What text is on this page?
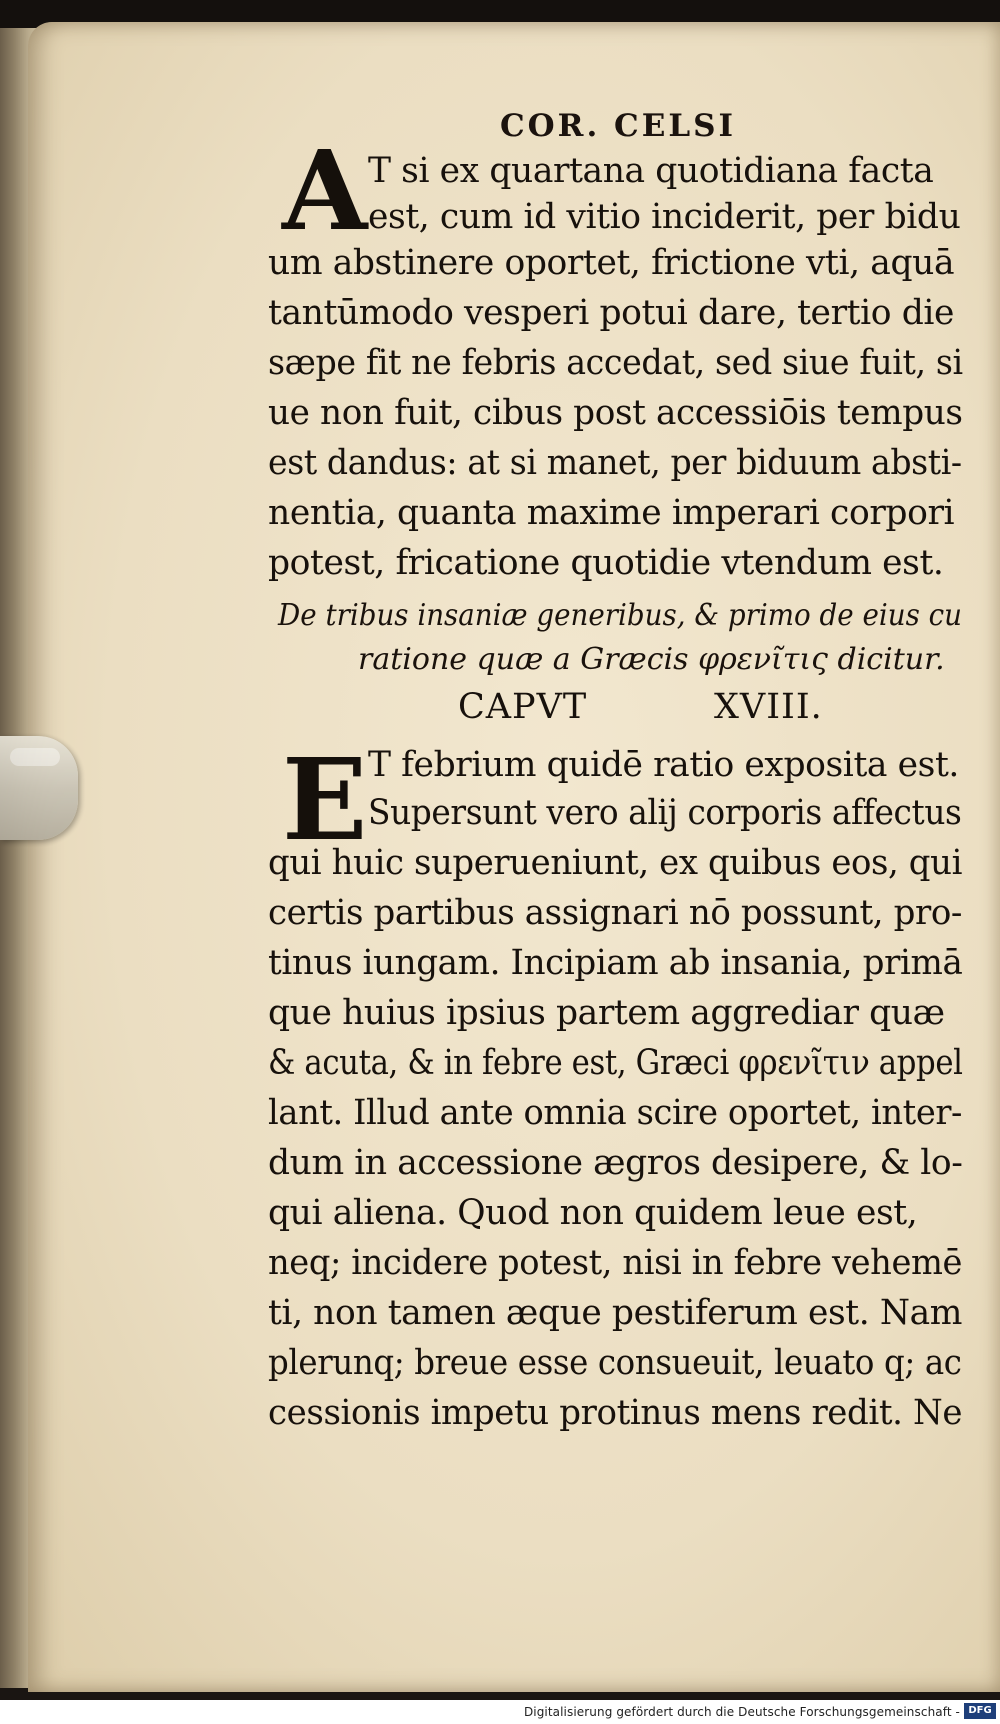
COR. CELSI
A T si ex quartana quotidiana facta
est, cum id vitio inciderit, per bidu
um abstinere oportet, frictione vti, aquā
tantūmodo vesperi potui dare, tertio die
sæpe fit ne febris accedat, sed siue fuit, si
ue non fuit, cibus post accessiōis tempus
est dandus: at si manet, per biduum absti-
nentia, quanta maxime imperari corpori
potest, fricatione quotidie vtendum est.
De tribus insaniæ generibus, & primo de eius cu
ratione quæ a Græcis φρενῖτις dicitur.
CAPVT	XVIII.
E T febrium quidē ratio exposita est.
Supersunt vero alij corporis affectus
qui huic superueniunt, ex quibus eos, qui
certis partibus assignari nō possunt, pro-
tinus iungam. Incipiam ab insania, primā
que huius ipsius partem aggrediar quæ
& acuta, & in febre est, Græci φρενῖτιν appel
lant. Illud ante omnia scire oportet, inter-
dum in accessione ægros desipere, & lo-
qui aliena. Quod non quidem leue est,
neq; incidere potest, nisi in febre vehemē
ti, non tamen æque pestiferum est. Nam
plerunq; breue esse consueuit, leuato q; ac
cessionis impetu protinus mens redit. Ne
Digitalisierung gefördert durch die Deutsche Forschungsgemeinschaft - DFG
